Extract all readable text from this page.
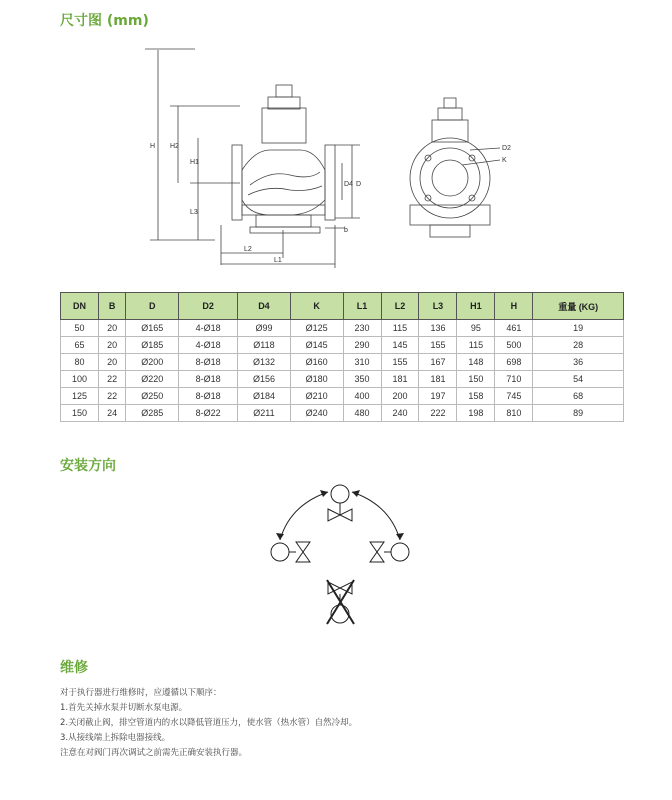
尺寸图 (mm)
H H2
H1
L3
L2
L1
D4 D
b
D2
K
DN	B	D	D2	D4	K	L1	L2	L3	H1	H	重量 (KG)
50	20	Ø165	4-Ø18	Ø99	Ø125	230	115	136	95	461	19
65	20	Ø185	4-Ø18	Ø118	Ø145	290	145	155	115	500	28
80	20	Ø200	8-Ø18	Ø132	Ø160	310	155	167	148	698	36
100	22	Ø220	8-Ø18	Ø156	Ø180	350	181	181	150	710	54
125	22	Ø250	8-Ø18	Ø184	Ø210	400	200	197	158	745	68
150	24	Ø285	8-Ø22	Ø211	Ø240	480	240	222	198	810	89
安装方向
维修
对于执行器进行维修时，应遵循以下顺序：
1.首先关掉水泵并切断水泵电源。
2.关闭截止阀，排空管道内的水以降低管道压力，使水管（热水管）自然冷却。
3.从接线端上拆除电器接线。
注意在对阀门再次调试之前需先正确安装执行器。
